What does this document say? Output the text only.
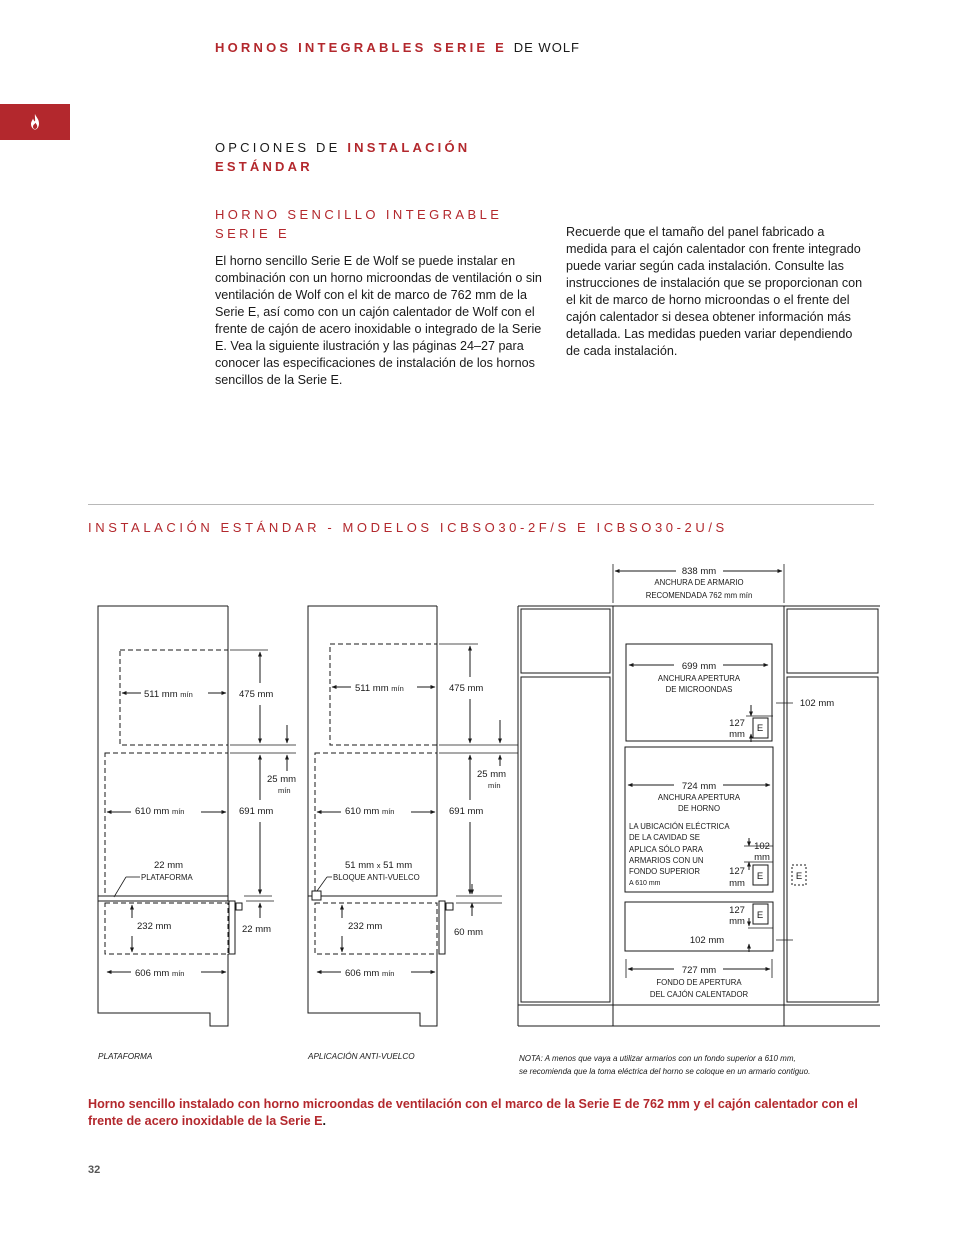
HORNOS INTEGRABLES SERIE E DE WOLF
OPCIONES DE INSTALACIÓN
ESTÁNDAR
HORNO SENCILLO INTEGRABLE SERIE E
El horno sencillo Serie E de Wolf se puede instalar en combinación con un horno microondas de ventilación o sin ventilación de Wolf con el kit de marco de 762 mm de la Serie E, así como con un cajón calentador de Wolf con el frente de cajón de acero inoxidable o integrado de la Serie E. Vea la siguiente ilustración y las páginas 24–27 para conocer las especificaciones de instalación de los hornos sencillos de la Serie E.
Recuerde que el tamaño del panel fabricado a medida para el cajón calentador con frente integrado puede variar según cada instalación. Consulte las instrucciones de instalación que se proporcionan con el kit de marco de horno microondas o el frente del cajón calentador si desea obtener información más detallada. Las medidas pueden variar dependiendo de cada instalación.
INSTALACIÓN ESTÁNDAR - MODELOS ICBSO30-2F/S E ICBSO30-2U/S
511 mm mín	475 mm
25 mm
mín
610 mm mín	691 mm
22 mm
PLATAFORMA
232 mm	22 mm
606 mm mín
511 mm mín	475 mm
25 mm
mín
610 mm mín	691 mm
51 mm x 51 mm
BLOQUE ANTI-VUELCO
232 mm
60 mm
606 mm mín
838 mm
ANCHURA DE ARMARIO
RECOMENDADA 762 mm mín
699 mm
ANCHURA APERTURA
DE MICROONDAS
102 mm
127
mm
E
724 mm
ANCHURA APERTURA
DE HORNO
LA UBICACIÓN ELÉCTRICA
DE LA CAVIDAD SE
APLICA SÓLO PARA
ARMARIOS CON UN
FONDO SUPERIOR
A 610 mm
102
mm
127
mm
E	E
127
mm
E
102 mm
727 mm
FONDO DE APERTURA
DEL CAJÓN CALENTADOR
PLATAFORMA	APLICACIÓN ANTI-VUELCO	NOTA: A menos que vaya a utilizar armarios con un fondo superior a 610 mm,
se recomienda que la toma eléctrica del horno se coloque en un armario contiguo.
Horno sencillo instalado con horno microondas de ventilación con el marco de la Serie E de 762 mm y el cajón calentador con el frente de acero inoxidable de la Serie E.
32
